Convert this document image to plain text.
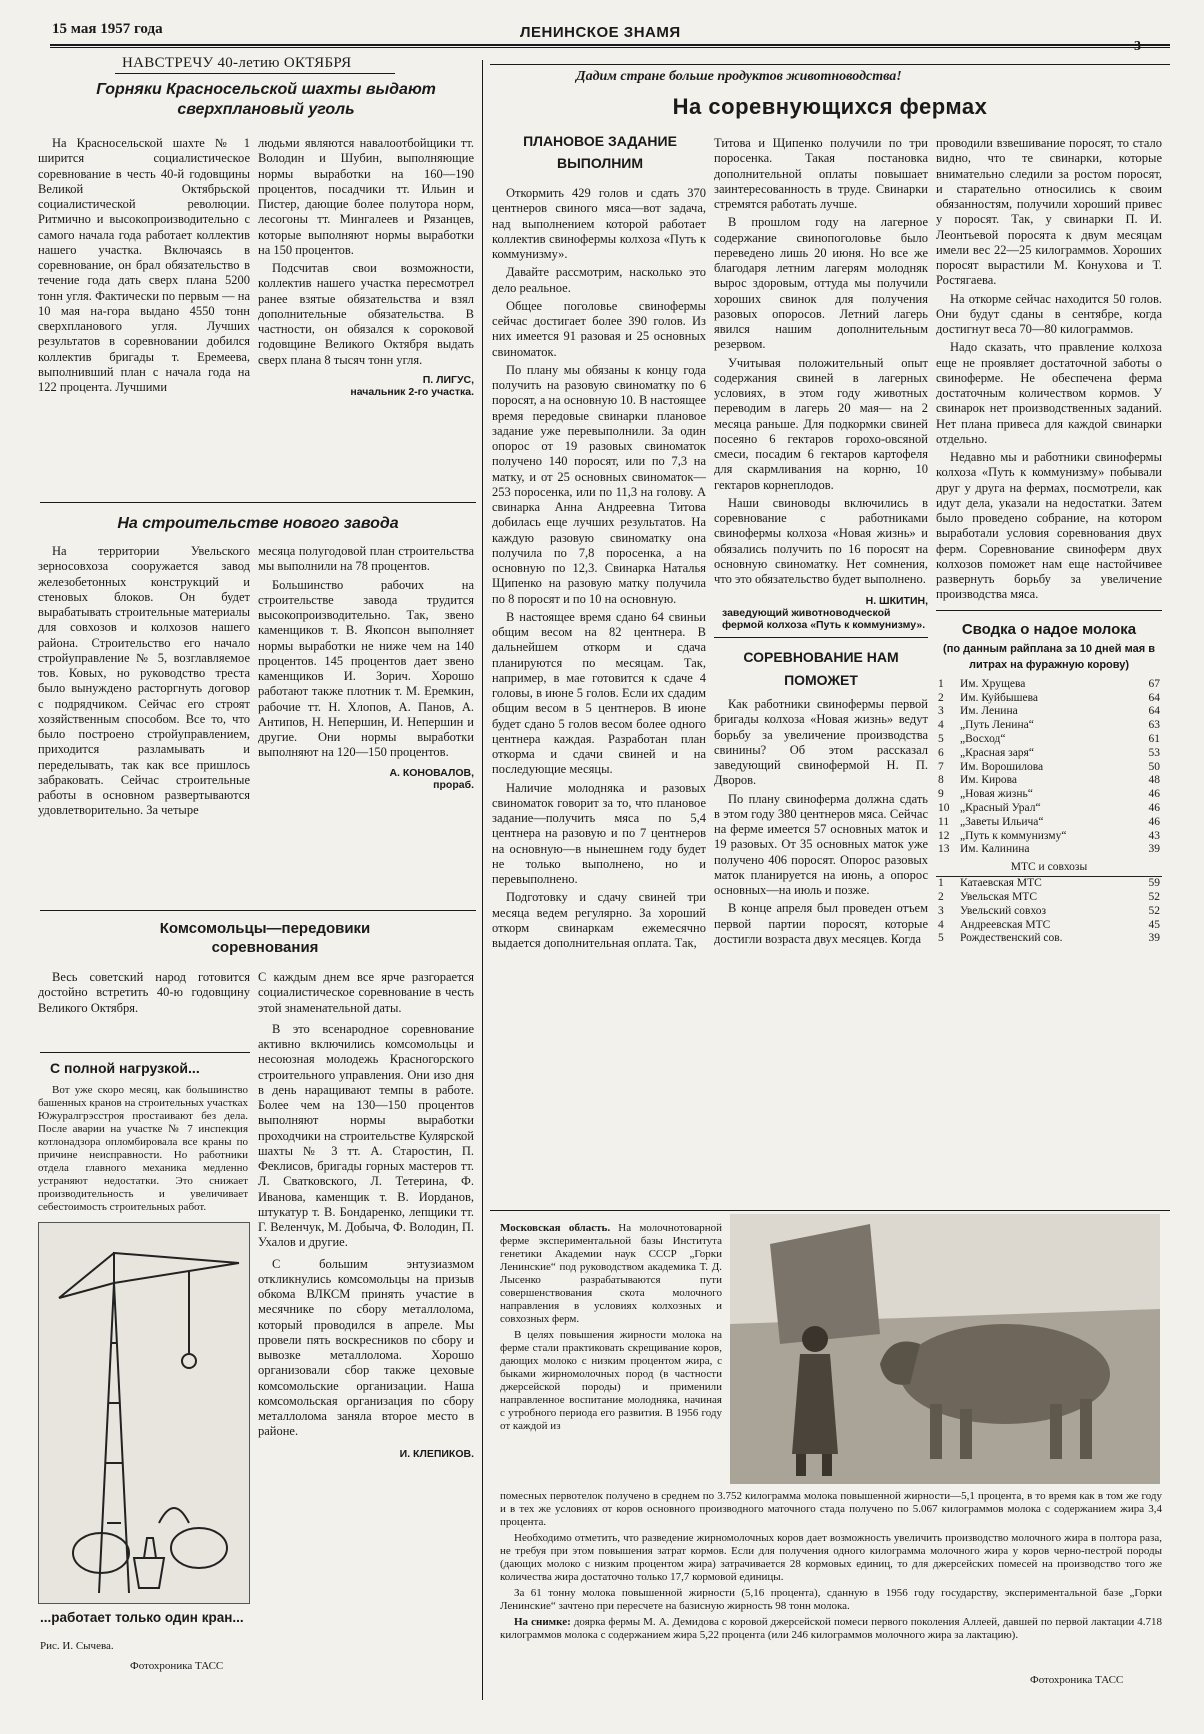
15 мая 1957 года	ЛЕНИНСКОЕ ЗНАМЯ
НАВСТРЕЧУ 40-летию ОКТЯБРЯ
Горняки Красносельской шахты выдают сверхплановый уголь

На Красносельской шахте № 1 ширится социалистическое соревнование в честь 40-й годовщины Великой Октябрьской социалистической революции. Ритмично и высокопроизводительно с самого начала года работает коллектив нашего участка. Включаясь в соревнование, он брал обязательство в течение года дать сверх плана 5200 тонн угля. Фактически по первым — на 10 мая на-гора выдано 4550 тонн сверхпланового угля. Лучших результатов в соревновании добился коллектив бригады т. Еремеева, выполнивший план с начала года на 122 процента. Лучшими

людьми являются навалоотбойщики тт. Володин и Шубин, выполняющие нормы выработки на 160—190 процентов, посадчики тт. Ильин и Пистер, дающие более полутора норм, лесогоны тт. Мингалеев и Рязанцев, которые выполняют нормы выработки на 150 процентов.

Подсчитав свои возможности, коллектив нашего участка пересмотрел ранее взятые обязательства и взял дополнительные обязательства. В частности, он обязался к сороковой годовщине Великого Октября выдать сверх плана 8 тысяч тонн угля.

П. ЛИГУС,
начальник 2-го участка.
На строительстве нового завода

На территории Увельского зерносовхоза сооружается завод железобетонных конструкций и стеновых блоков. Он будет вырабатывать строительные материалы для совхозов и колхозов нашего района. Строительство его начало стройуправление № 5, возглавляемое тов. Ковых, но руководство треста было вынуждено расторгнуть договор с подрядчиком. Сейчас его строят хозяйственным способом. Все то, что было построено стройуправлением, приходится разламывать и переделывать, так как все пришлось забраковать. Сейчас строительные работы в основном развертываются удовлетворительно. За четыре

месяца полугодовой план строительства мы выполнили на 78 процентов.

Большинство рабочих на строительстве завода трудится высокопроизводительно. Так, звено каменщиков т. В. Якопсон выполняет нормы выработки не ниже чем на 140 процентов. 145 процентов дает звено каменщиков И. Зорич. Хорошо работают также плотник т. М. Еремкин, рабочие тт. Н. Хлопов, А. Панов, А. Антипов, Н. Непершин, И. Непершин и другие. Они нормы выработки выполняют на 120—150 процентов.

А. КОНОВАЛОВ,
прораб.
Комсомольцы—передовики соревнования

Весь советский народ готовится достойно встретить 40-ю годовщину Великого Октября.

С каждым днем все ярче разгорается социалистическое соревнование в честь этой знаменательной даты.

В это всенародное соревнование активно включились комсомольцы и несоюзная молодежь Красногорского строительного управления. Они изо дня в день наращивают темпы в работе. Более чем на 130—150 процентов выполняют нормы выработки проходчики на строительстве Кулярской шахты № 3 тт. А. Старостин, П. Феклисов, бригады горных мастеров тт. Л. Сватковского, Л. Тетерина, Ф. Иванова, каменщик т. В. Иорданов, штукатур т. В. Бондаренко, лепщики тт. Г. Веленчук, М. Добыча, Ф. Володин, П. Ухалов и другие.

С большим энтузиазмом откликнулись комсомольцы на призыв обкома ВЛКСМ принять участие в месячнике по сбору металлолома, который проводился в апреле. Мы провели пять воскресников по сбору и вывозке металлолома. Хорошо организовали сбор также цеховые комсомольские организации. Наша комсомольская организация по сбору металлолома заняла второе место в районе.

И. КЛЕПИКОВ.
С полной нагрузкой...

Вот уже скоро месяц, как большинство башенных кранов на строительных участках Южуралгрэсстроя простаивают без дела. После аварии на участке № 7 инспекция котлонадзора опломбировала все краны по причине неисправности. Но работники отдела главного механика медленно устраняют недостатки. Это снижает производительность и увеличивает себестоимость строительных работ.

...работает только один кран...
Рис. И. Сычева.
Фотохроника ТАСС
Дадим стране больше продуктов животноводства!
На соревнующихся фермах
ПЛАНОВОЕ ЗАДАНИЕ ВЫПОЛНИМ

Откормить 429 голов и сдать 370 центнеров свиного мяса—вот задача, над выполнением которой работает коллектив свинофермы колхоза «Путь к коммунизму».

Давайте рассмотрим, насколько это дело реальное.

Общее поголовье свинофермы сейчас достигает более 390 голов. Из них имеется 91 разовая и 25 основных свиноматок.

По плану мы обязаны к концу года получить на разовую свиноматку по 6 поросят, а на основную 10. В настоящее время передовые свинарки плановое задание уже перевыполнили. За один опорос от 19 разовых свиноматок получено 140 поросят, или по 7,3 на матку, и от 25 основных свиноматок—253 поросенка, или по 11,3 на голову. А свинарка Анна Андреевна Титова добилась еще лучших результатов. На каждую разовую свиноматку она получила по 7,8 поросенка, а на основную по 12,3. Свинарка Наталья Щипенко на разовую матку получила по 8 поросят и по 10 на основную.

В настоящее время сдано 64 свиньи общим весом на 82 центнера. В дальнейшем откорм и сдача планируются по месяцам. Так, например, в мае готовится к сдаче 4 головы, в июне 5 голов. Если их сдадим общим весом в 5 центнеров. В июне будет сдано 5 голов весом более одного центнера каждая. Разработан план откорма и сдачи свиней и на последующие месяцы.

Наличие молодняка и разовых свиноматок говорит за то, что плановое задание—получить мяса по 5,4 центнера на разовую и по 7 центнеров на основную—в нынешнем году будет не только выполнено, но и перевыполнено.

Подготовку и сдачу свиней три месяца ведем регулярно. За хороший откорм свинаркам ежемесячно выдается дополнительная оплата. Так,

Титова и Щипенко получили по три поросенка. Такая постановка дополнительной оплаты повышает заинтересованность в труде. Свинарки стремятся работать лучше.

В прошлом году на лагерное содержание свинопоголовье было переведено лишь 20 июня. Но все же благодаря летним лагерям молодняк вырос здоровым, оттуда мы получили хороших свинок для получения разовых опоросов. Летний лагерь явился нашим дополнительным резервом.

Учитывая положительный опыт содержания свиней в лагерных условиях, в этом году животных переводим в лагерь 20 мая— на 2 месяца раньше. Для подкормки свиней посеяно 6 гектаров горохо-овсяной смеси, посадим 6 гектаров картофеля для скармливания на корню, 10 гектаров корнеплодов.

Наши свиноводы включились в соревнование с работниками свинофермы колхоза «Новая жизнь» и обязались получить по 16 поросят на основную свиноматку. Нет сомнения, что это обязательство будет выполнено.

Н. ШКИТИН,
заведующий животноводческой фермой колхоза «Путь к коммунизму».
СОРЕВНОВАНИЕ НАМ ПОМОЖЕТ

Как работники свинофермы первой бригады колхоза «Новая жизнь» ведут борьбу за увеличение производства свинины? Об этом рассказал заведующий свинофермой Н. П. Дворов.

По плану свиноферма должна сдать в этом году 380 центнеров мяса. Сейчас на ферме имеется 57 основных маток и 19 разовых. От 35 основных маток уже получено 406 поросят. Опорос разовых маток планируется на июнь, а опорос основных—на июль и позже.

В конце апреля был проведен отъем первой партии поросят, которые достигли возраста двух месяцев. Когда

проводили взвешивание поросят, то стало видно, что те свинарки, которые внимательно следили за ростом поросят, и старательно относились к своим обязанностям, получили хороший привес у поросят. Так, у свинарки П. И. Леонтьевой поросята к двум месяцам имели вес 22—25 килограммов. Хороших поросят вырастили М. Конухова и Т. Ростягаева.

На откорме сейчас находится 50 голов. Они будут сданы в сентябре, когда достигнут веса 70—80 килограммов.

Надо сказать, что правление колхоза еще не проявляет достаточной заботы о свиноферме. Не обеспечена ферма достаточным количеством кормов. У свинарок нет производственных заданий. Нет плана привеса для каждой свинарки отдельно.

Недавно мы и работники свинофермы колхоза «Путь к коммунизму» побывали друг у друга на фермах, посмотрели, как идут дела, указали на недостатки. Затем было проведено собрание, на котором выработали условия соревнования двух ферм. Соревнование свиноферм двух колхозов поможет нам еще настойчивее развернуть борьбу за увеличение производства мяса.

Сводка о надое молока
(по данным райплана за 10 дней мая в литрах на фуражную корову)
1	Им. Хрущева	67
2	Им. Куйбышева	64
3	Им. Ленина	64
4	„Путь Ленина“	63
5	„Восход“	61
6	„Красная заря“	53
7	Им. Ворошилова	50
8	Им. Кирова	48
9	„Новая жизнь“	46
10	„Красный Урал“	46
11	„Заветы Ильича“	46
12	„Путь к коммунизму“	43
13	Им. Калинина	39
МТС и совхозы
1	Катаевская МТС	59
2	Увельская МТС	52
3	Увельский совхоз	52
4	Андреевская МТС	45
5	Рождественский сов.	39

Московская область. На молочнотоварной ферме экспериментальной базы Института генетики Академии наук СССР „Горки Ленинские“ под руководством академика Т. Д. Лысенко разрабатываются пути совершенствования скота молочного направления в условиях колхозных и совхозных ферм.

В целях повышения жирности молока на ферме стали практиковать скрещивание коров, дающих молоко с низким процентом жира, с быками жирномолочных пород (в частности джерсейской породы) и применили направленное воспитание молодняка, начиная с утробного периода его развития. В 1956 году от каждой из

помесных первотелок получено в среднем по 3.752 килограмма молока повышенной жирности—5,1 процента, в то время как в том же году и в тех же условиях от коров основного производного маточного стада получено по 5.067 килограммов молока с содержанием жира 3,4 процента.

Необходимо отметить, что разведение жирномолочных коров дает возможность увеличить производство молочного жира в полтора раза, не требуя при этом повышения затрат кормов. Если для получения одного килограмма молочного жира у коров черно-пестрой породы (дающих молоко с низким процентом жира) затрачивается 28 кормовых единиц, то для джерсейских помесей на производство того же количества жира достаточно только 17,7 кормовой единицы.

За 61 тонну молока повышенной жирности (5,16 процента), сданную в 1956 году государству, экспериментальной базе „Горки Ленинские“ зачтено при пересчете на базисную жирность 98 тонн молока.

На снимке: доярка фермы М. А. Демидова с коровой джерсейской помеси первого поколения Аллеей, давшей по первой лактации 4.718 килограммов молока с содержанием жира 5,22 процента (или 246 килограммов молочного жира за лактацию).

Фотохроника ТАСС
